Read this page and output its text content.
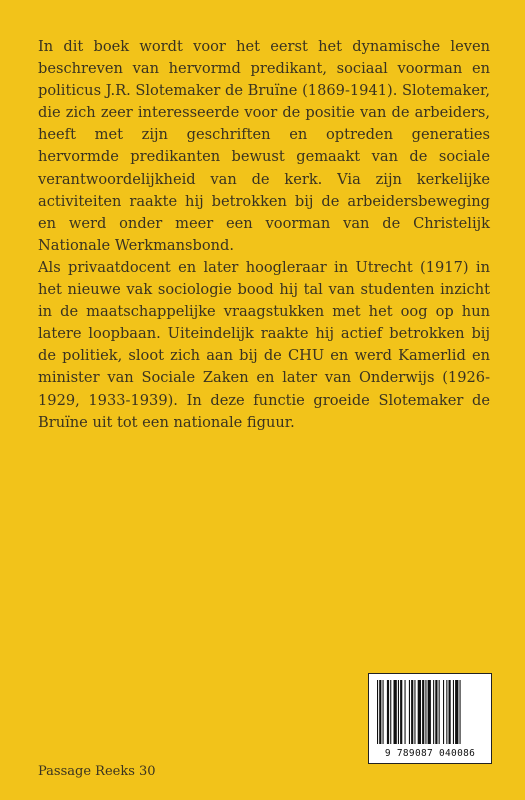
In dit boek wordt voor het eerst het dynamische leven beschreven van hervormd predikant, sociaal voorman en politicus J.R. Slotemaker de Bruïne (1869-1941). Slotemaker, die zich zeer interesseerde voor de positie van de arbeiders, heeft met zijn geschriften en optreden generaties hervormde predikanten bewust gemaakt van de sociale verantwoordelijkheid van de kerk. Via zijn kerkelijke activiteiten raakte hij betrokken bij de arbeidersbeweging en werd onder meer een voorman van de Christelijk Nationale Werkmansbond.

Als privaatdocent en later hoogleraar in Utrecht (1917) in het nieuwe vak sociologie bood hij tal van studenten inzicht in de maatschappelijke vraagstukken met het oog op hun latere loopbaan. Uiteindelijk raakte hij actief betrokken bij de politiek, sloot zich aan bij de CHU en werd Kamerlid en minister van Sociale Zaken en later van Onderwijs (1926-1929, 1933-1939). In deze functie groeide Slotemaker de Bruïne uit tot een nationale figuur.

Passage Reeks 30
9 789087 040086
